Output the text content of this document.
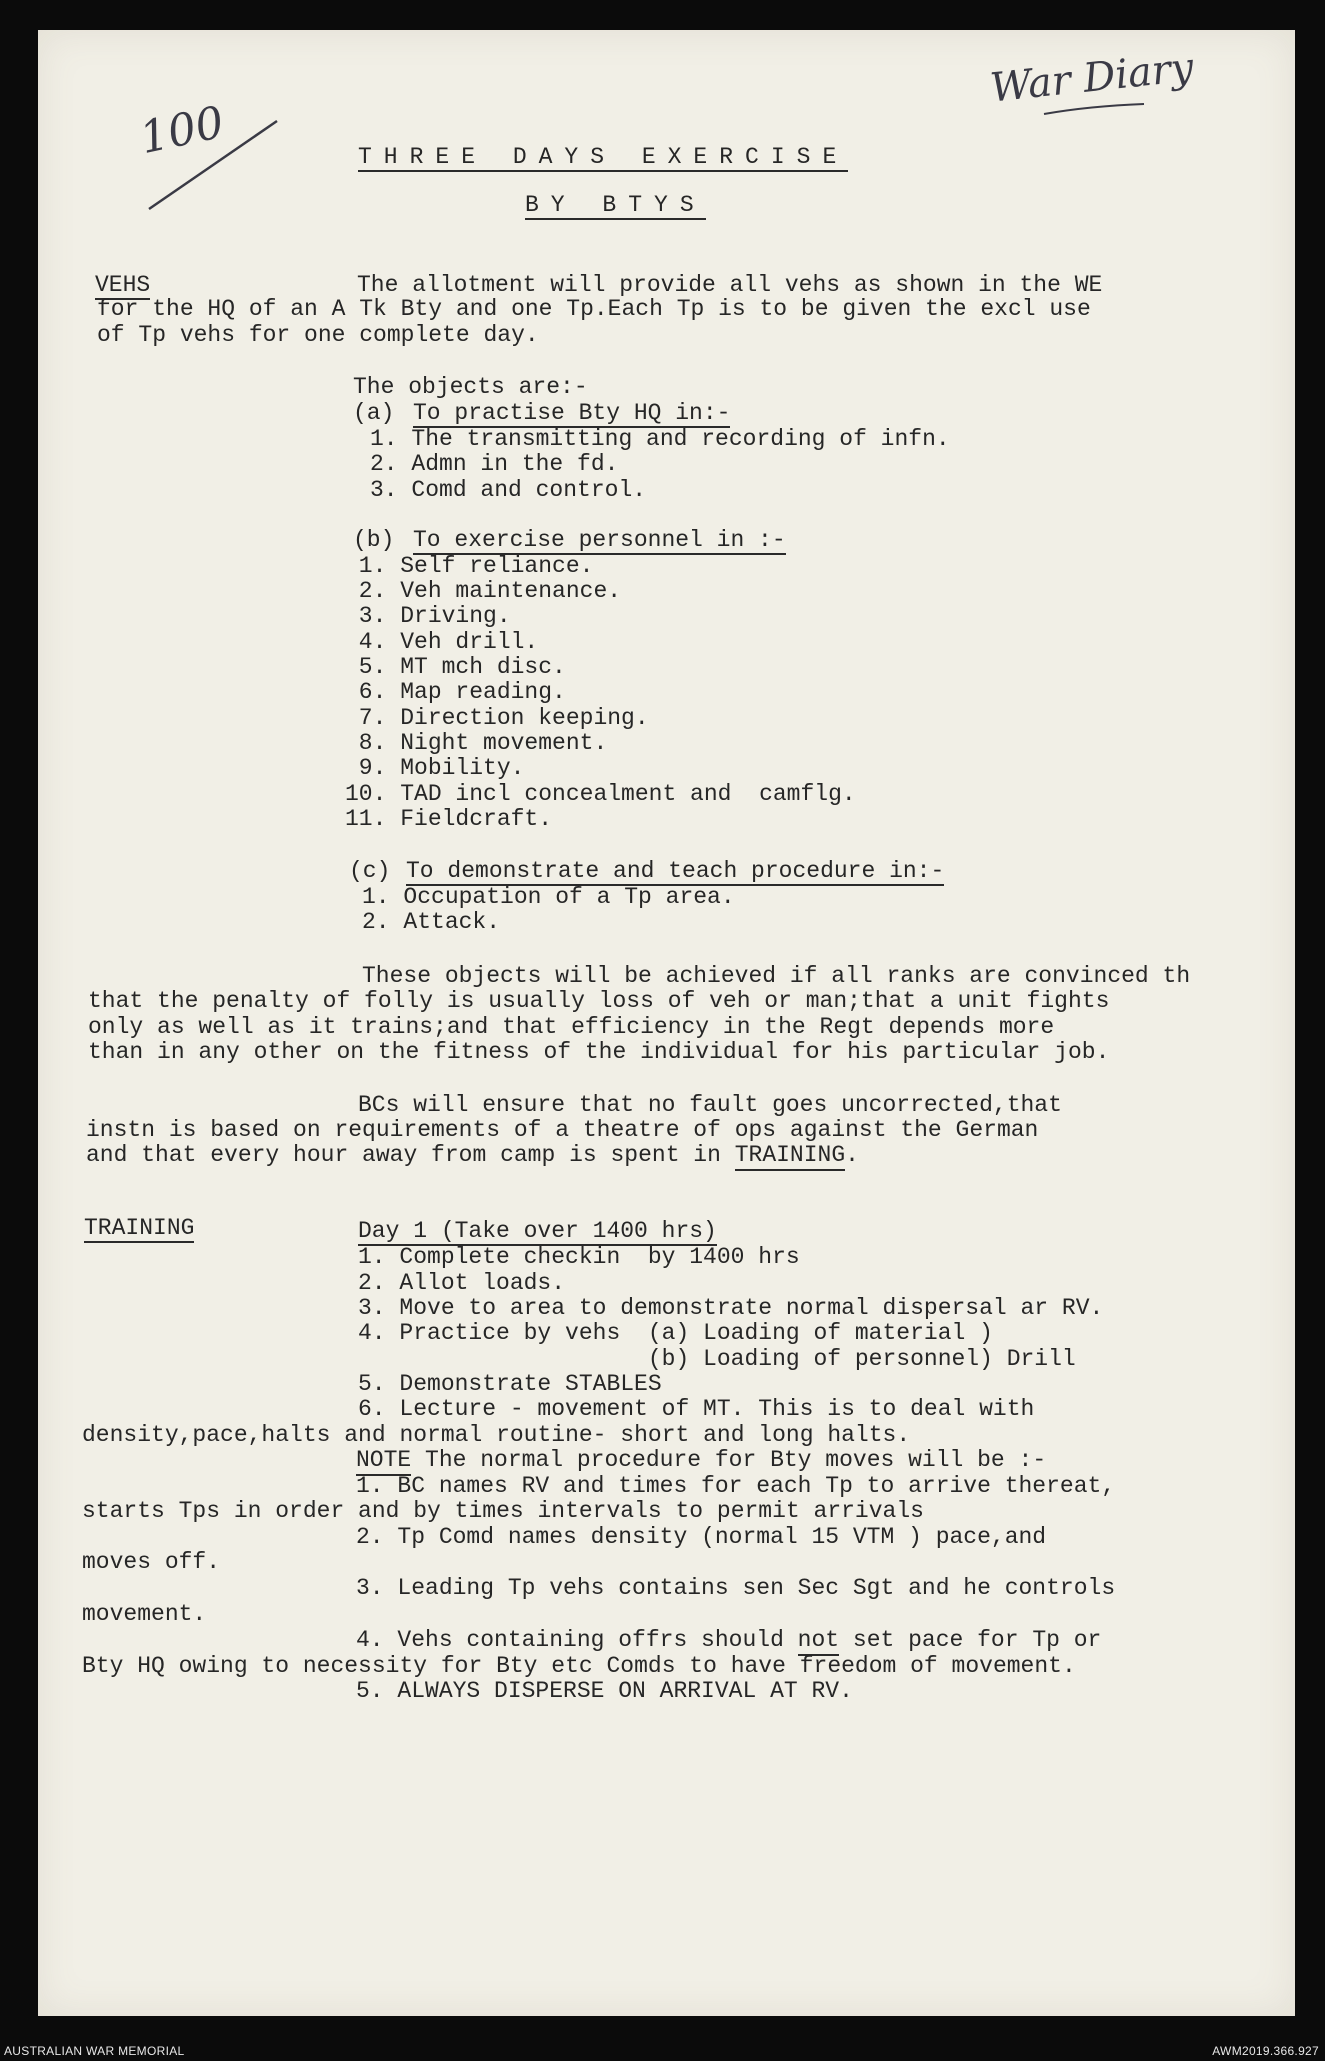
100
War Diary
THREE DAYS EXERCISE
BY BTYS
VEHS	The allotment will provide all vehs as shown in the WE
for the HQ of an A Tk Bty and one Tp.Each Tp is to be given the excl use
of Tp vehs for one complete day.
The objects are:-
(a) To practise Bty HQ in:-
1. The transmitting and recording of infn.
2. Admn in the fd.
3. Comd and control.
(b) To exercise personnel in :-
1. Self reliance.
2. Veh maintenance.
3. Driving.
4. Veh drill.
5. MT mch disc.
6. Map reading.
7. Direction keeping.
8. Night movement.
9. Mobility.
10. TAD incl concealment and  camflg.
11. Fieldcraft.
(c) To demonstrate and teach procedure in:-
1. Occupation of a Tp area.
2. Attack.
These objects will be achieved if all ranks are convinced th
that the penalty of folly is usually loss of veh or man;that a unit fights
only as well as it trains;and that efficiency in the Regt depends more
than in any other on the fitness of the individual for his particular job.
BCs will ensure that no fault goes uncorrected,that
instn is based on requirements of a theatre of ops against the German
and that every hour away from camp is spent in TRAINING.
TRAINING	Day 1 (Take over 1400 hrs)
1. Complete checkin  by 1400 hrs
2. Allot loads.
3. Move to area to demonstrate normal dispersal ar RV.
4. Practice by vehs  (a) Loading of material )
(b) Loading of personnel) Drill
5. Demonstrate STABLES
6. Lecture - movement of MT. This is to deal with
density,pace,halts and normal routine- short and long halts.
NOTE The normal procedure for Bty moves will be :-
1. BC names RV and times for each Tp to arrive thereat,
starts Tps in order and by times intervals to permit arrivals
2. Tp Comd names density (normal 15 VTM ) pace,and
moves off.
3. Leading Tp vehs contains sen Sec Sgt and he controls
movement.
4. Vehs containing offrs should not set pace for Tp or
Bty HQ owing to necessity for Bty etc Comds to have freedom of movement.
5. ALWAYS DISPERSE ON ARRIVAL AT RV.
AUSTRALIAN WAR MEMORIAL	AWM2019.366.927
